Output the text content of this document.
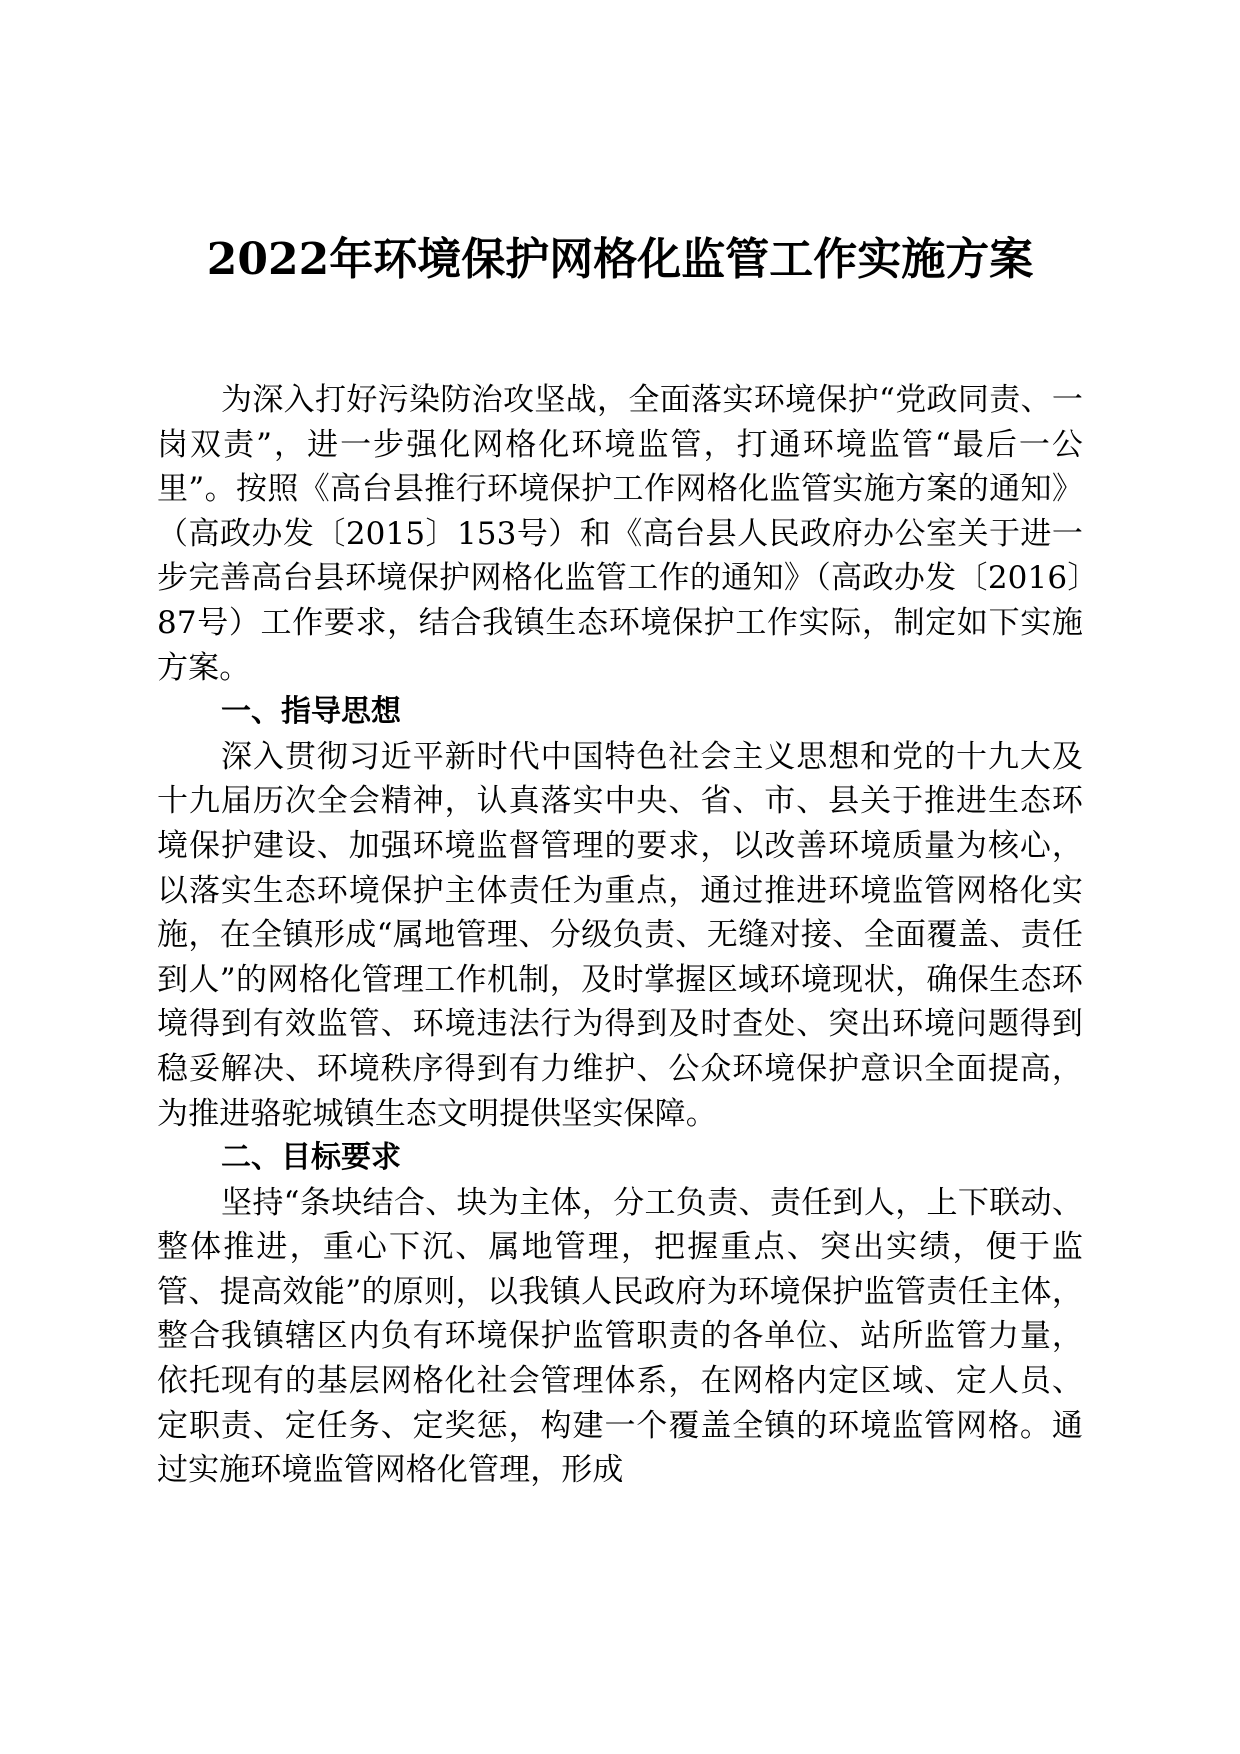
2022年环境保护网格化监管工作实施方案

为深入打好污染防治攻坚战，全面落实环境保护“党政同责、一岗双责”，进一步强化网格化环境监管，打通环境监管“最后一公里”。按照《高台县推行环境保护工作网格化监管实施方案的通知》（高政办发〔2015〕153号）和《高台县人民政府办公室关于进一步完善高台县环境保护网格化监管工作的通知》（高政办发〔2016〕87号）工作要求，结合我镇生态环境保护工作实际，制定如下实施方案。

一、指导思想

深入贯彻习近平新时代中国特色社会主义思想和党的十九大及十九届历次全会精神，认真落实中央、省、市、县关于推进生态环境保护建设、加强环境监督管理的要求，以改善环境质量为核心，以落实生态环境保护主体责任为重点，通过推进环境监管网格化实施，在全镇形成“属地管理、分级负责、无缝对接、全面覆盖、责任到人”的网格化管理工作机制，及时掌握区域环境现状，确保生态环境得到有效监管、环境违法行为得到及时查处、突出环境问题得到稳妥解决、环境秩序得到有力维护、公众环境保护意识全面提高，为推进骆驼城镇生态文明提供坚实保障。

二、目标要求

坚持“条块结合、块为主体，分工负责、责任到人，上下联动、整体推进，重心下沉、属地管理，把握重点、突出实绩，便于监管、提高效能”的原则，以我镇人民政府为环境保护监管责任主体，整合我镇辖区内负有环境保护监管职责的各单位、站所监管力量，依托现有的基层网格化社会管理体系，在网格内定区域、定人员、定职责、定任务、定奖惩，构建一个覆盖全镇的环境监管网格。通过实施环境监管网格化管理，形成
